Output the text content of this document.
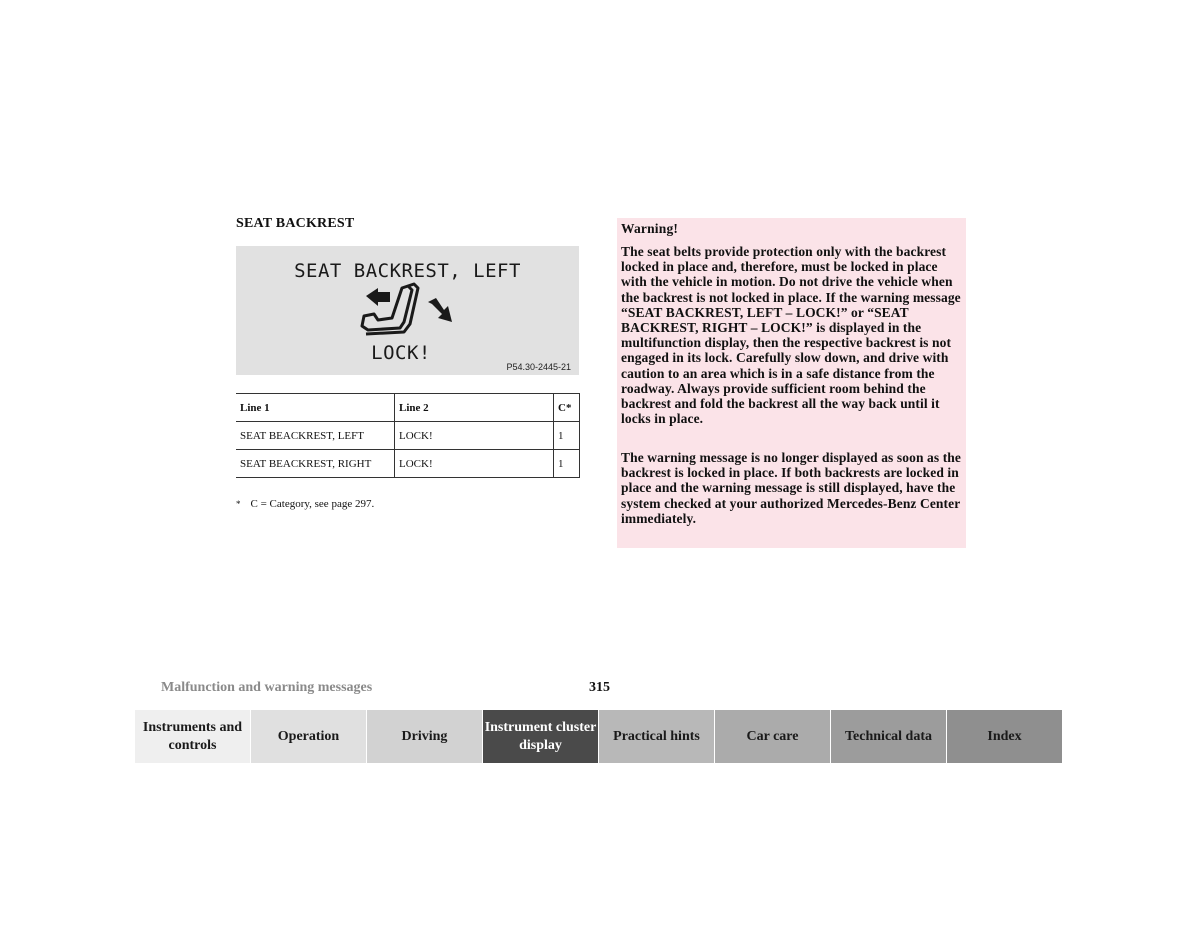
SEAT BACKREST
SEAT BACKREST, LEFT
LOCK!
P54.30-2445-21
Line 1	Line 2	C*
SEAT BEACKREST, LEFT	LOCK!	1
SEAT BEACKREST, RIGHT	LOCK!	1
* C = Category, see page 297.
Warning!

The seat belts provide protection only with the backrest locked in place and, therefore, must be locked in place with the vehicle in motion. Do not drive the vehicle when the backrest is not locked in place. If the warning message “SEAT BACKREST, LEFT – LOCK!” or “SEAT BACKREST, RIGHT – LOCK!” is displayed in the multifunction display, then the respective backrest is not engaged in its lock. Carefully slow down, and drive with caution to an area which is in a safe distance from the roadway. Always provide sufficient room behind the backrest and fold the backrest all the way back until it locks in place.

The warning message is no longer displayed as soon as the backrest is locked in place. If both backrests are locked in place and the warning message is still displayed, have the system checked at your authorized Mercedes-Benz Center immediately.

Malfunction and warning messages	315
Instruments and controls
Operation	Driving
Instrument cluster display
Practical hints	Car care	Technical data	Index
